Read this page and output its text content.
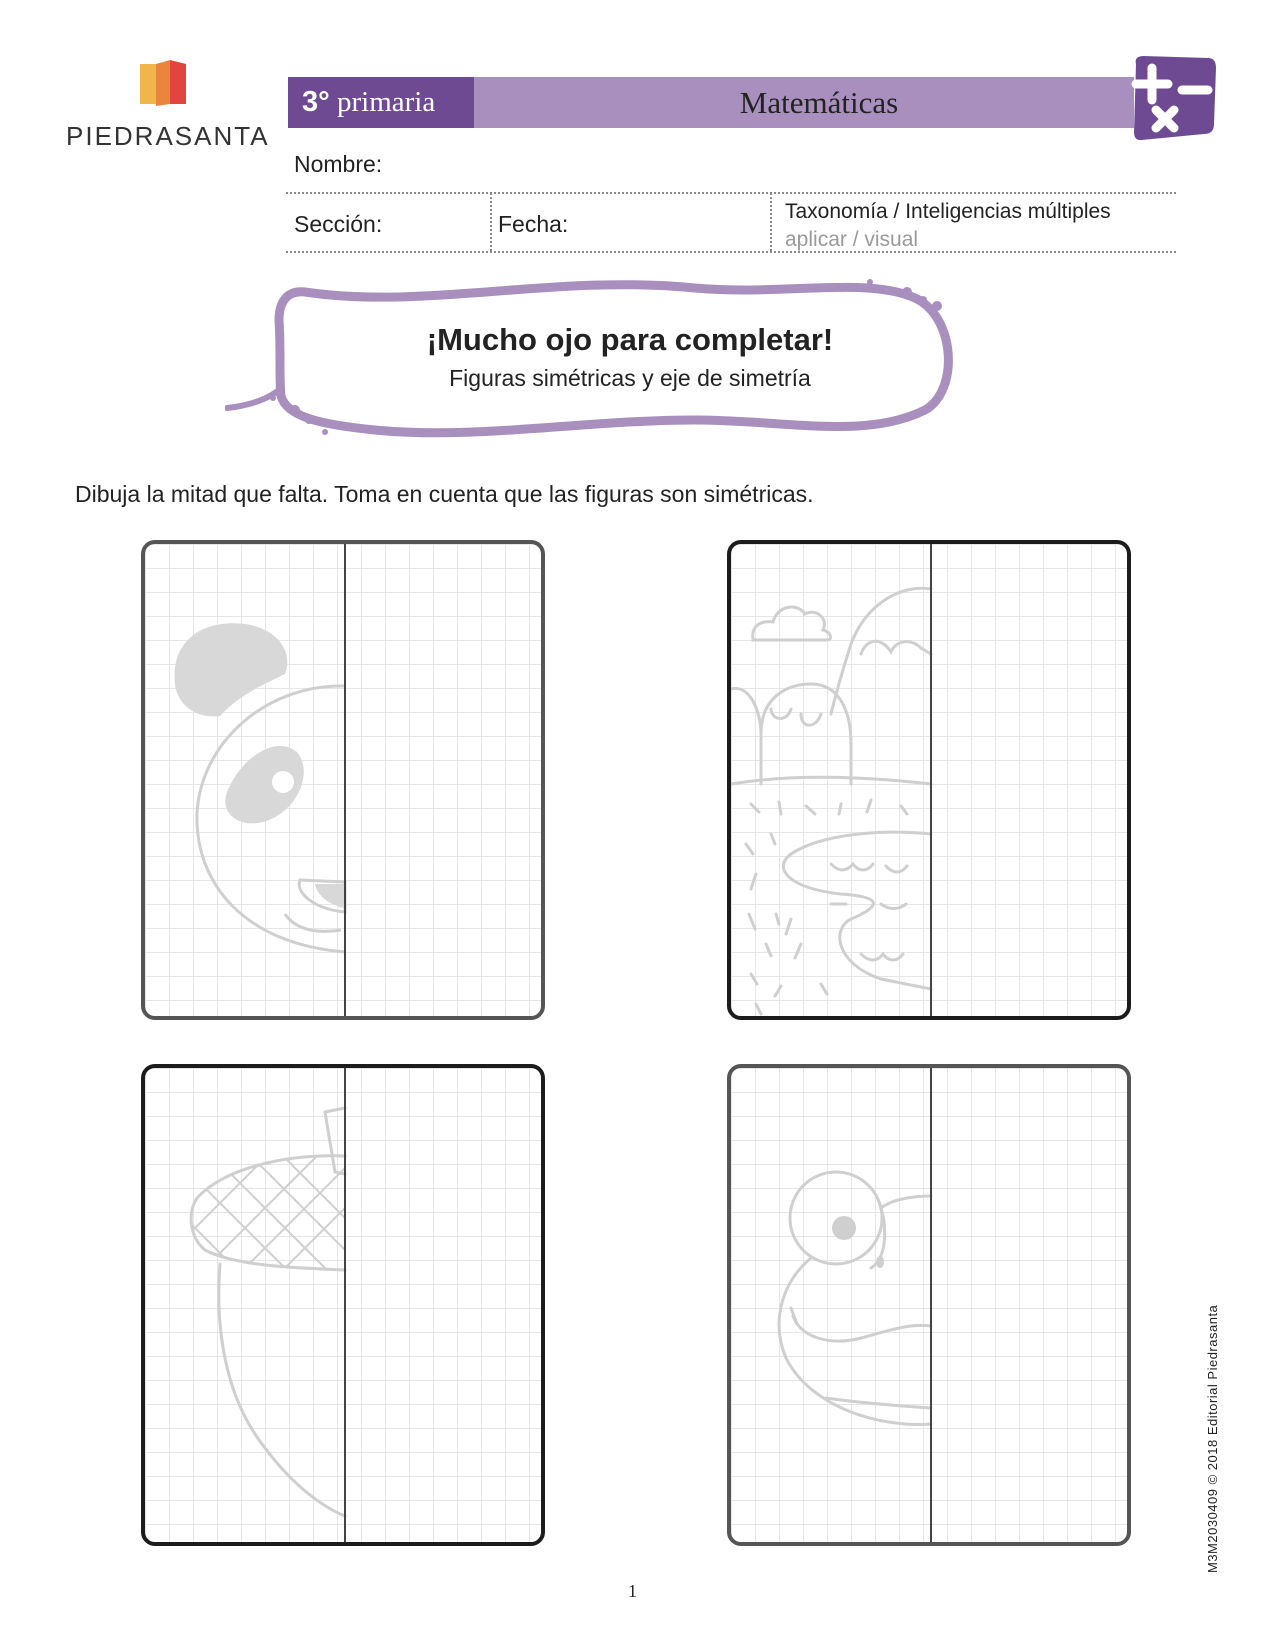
PIEDRASANTA
3° primaria	Matemáticas
Nombre:
Sección:	Fecha:	Taxonomía / Inteligencias múltiples
aplicar / visual
¡Mucho ojo para completar!
Figuras simétricas y eje de simetría
Dibuja la mitad que falta. Toma en cuenta que las figuras son simétricas.
1
M3M2030409 © 2018 Editorial Piedrasanta
